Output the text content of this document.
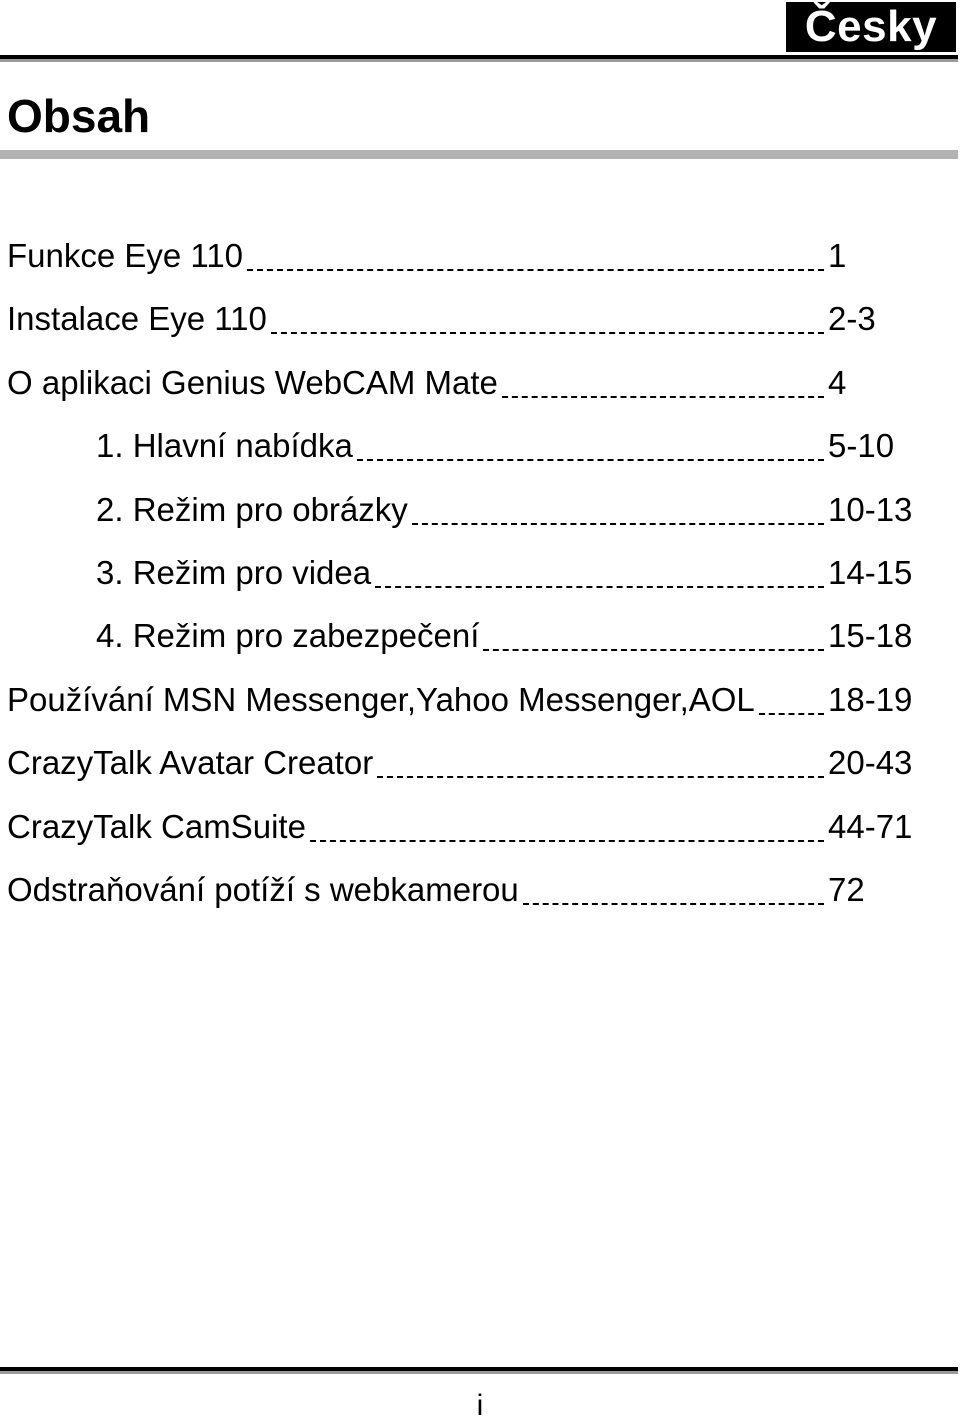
Česky
Obsah
Funkce Eye 110	1
Instalace Eye 110	2-3
O aplikaci Genius WebCAM Mate	4
1. Hlavní nabídka	5-10
2. Režim pro obrázky	10-13
3. Režim pro videa	14-15
4. Režim pro zabezpečení	15-18
Používání MSN Messenger,Yahoo Messenger,AOL 18-19
CrazyTalk Avatar Creator	20-43
CrazyTalk CamSuite	44-71
Odstraňování potíží s webkamerou	72
i
